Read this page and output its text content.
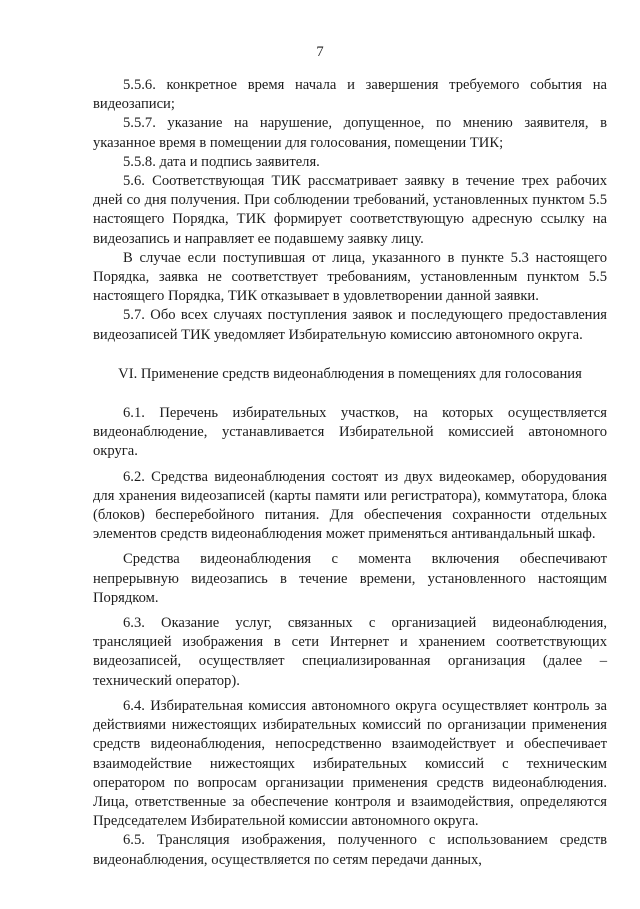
7

5.5.6. конкретное время начала и завершения требуемого события на видеозаписи;

5.5.7. указание на нарушение, допущенное, по мнению заявителя, в указанное время в помещении для голосования, помещении ТИК;

5.5.8. дата и подпись заявителя.

5.6. Соответствующая ТИК рассматривает заявку в течение трех рабочих дней со дня получения. При соблюдении требований, установленных пунктом 5.5 настоящего Порядка, ТИК формирует соответствующую адресную ссылку на видеозапись и направляет ее подавшему заявку лицу.

В случае если поступившая от лица, указанного в пункте 5.3 настоящего Порядка, заявка не соответствует требованиям, установленным пунктом 5.5 настоящего Порядка, ТИК отказывает в удовлетворении данной заявки.

5.7. Обо всех случаях поступления заявок и последующего предоставления видеозаписей ТИК уведомляет Избирательную комиссию автономного округа.

VI. Применение средств видеонаблюдения в помещениях для голосования

6.1. Перечень избирательных участков, на которых осуществляется видеонаблюдение, устанавливается Избирательной комиссией автономного округа.

6.2. Средства видеонаблюдения состоят из двух видеокамер, оборудования для хранения видеозаписей (карты памяти или регистратора), коммутатора, блока (блоков) бесперебойного питания. Для обеспечения сохранности отдельных элементов средств видеонаблюдения может применяться антивандальный шкаф.

Средства видеонаблюдения с момента включения обеспечивают непрерывную видеозапись в течение времени, установленного настоящим Порядком.

6.3. Оказание услуг, связанных с организацией видеонаблюдения, трансляцией изображения в сети Интернет и хранением соответствующих видеозаписей, осуществляет специализированная организация (далее – технический оператор).

6.4. Избирательная комиссия автономного округа осуществляет контроль за действиями нижестоящих избирательных комиссий по организации применения средств видеонаблюдения, непосредственно взаимодействует и обеспечивает взаимодействие нижестоящих избирательных комиссий с техническим оператором по вопросам организации применения средств видеонаблюдения. Лица, ответственные за обеспечение контроля и взаимодействия, определяются Председателем Избирательной комиссии автономного округа.

6.5. Трансляция изображения, полученного с использованием средств видеонаблюдения, осуществляется по сетям передачи данных,
